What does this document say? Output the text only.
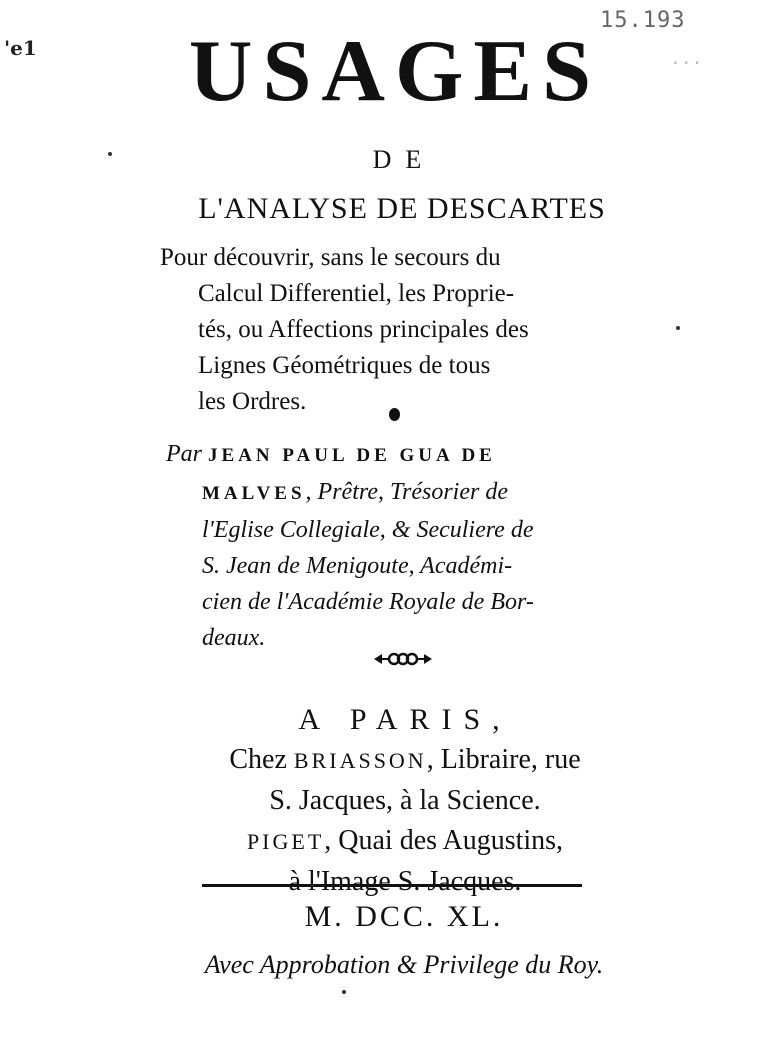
'e1
15.193
...
USAGES
DE
L'ANALYSE DE DESCARTES
Pour découvrir, sans le secours du
Calcul Differentiel, les Proprie-
tés, ou Affections principales des
Lignes Géométriques de tous
les Ordres.
Par JEAN PAUL DE GUA DE
MALVES, Prêtre, Trésorier de
l'Eglise Collegiale, & Seculiere de
S. Jean de Menigoute, Académi-
cien de l'Académie Royale de Bor-
deaux.
A PARIS,
Chez BRIASSON, Libraire, rue
S. Jacques, à la Science.
PIGET, Quai des Augustins,
à l'Image S. Jacques.
M. DCC. XL.
Avec Approbation & Privilege du Roy.
